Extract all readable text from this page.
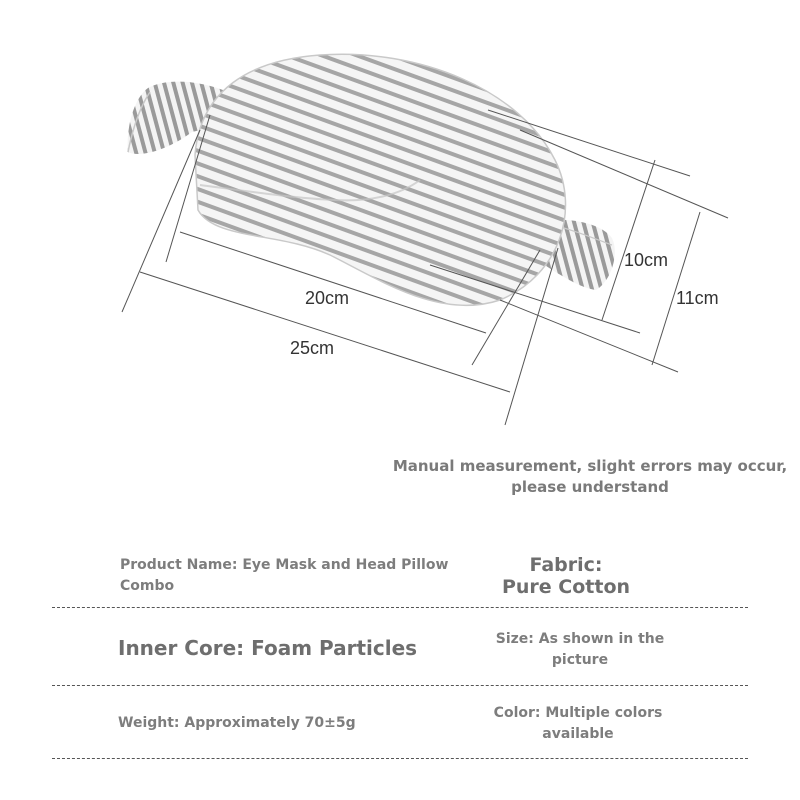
20cm
25cm
10cm
11cm
Manual measurement, slight errors may occur,
please understand
Product Name: Eye Mask and Head Pillow
Combo
Fabric:
Pure Cotton
Inner Core: Foam Particles	Size: As shown in the
picture
Weight: Approximately 70±5g
Color: Multiple colors
available
